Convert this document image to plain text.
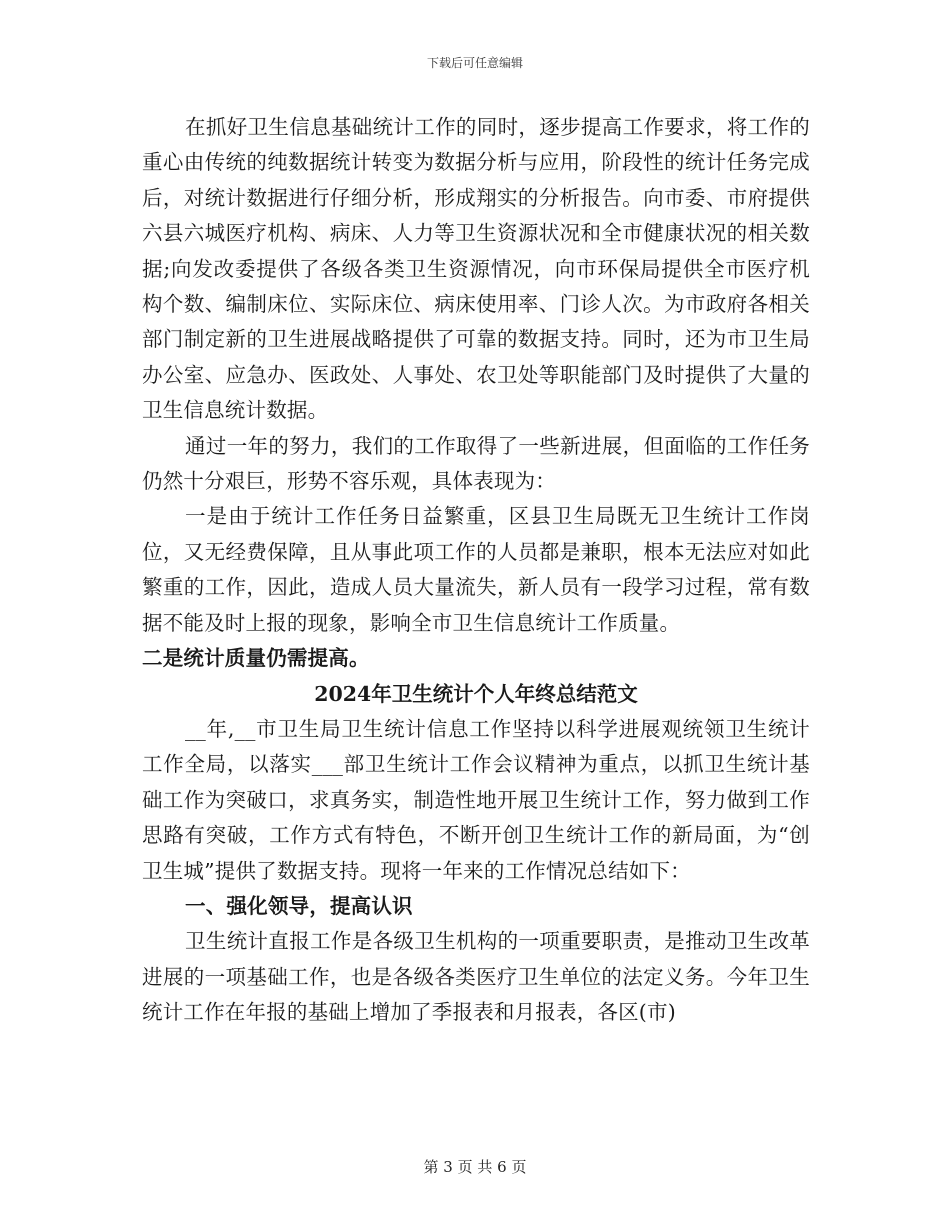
下载后可任意编辑

在抓好卫生信息基础统计工作的同时，逐步提高工作要求，将工作的重心由传统的纯数据统计转变为数据分析与应用，阶段性的统计任务完成后，对统计数据进行仔细分析，形成翔实的分析报告。向市委、市府提供六县六城医疗机构、病床、人力等卫生资源状况和全市健康状况的相关数据;向发改委提供了各级各类卫生资源情况，向市环保局提供全市医疗机构个数、编制床位、实际床位、病床使用率、门诊人次。为市政府各相关部门制定新的卫生进展战略提供了可靠的数据支持。同时，还为市卫生局办公室、应急办、医政处、人事处、农卫处等职能部门及时提供了大量的卫生信息统计数据。

通过一年的努力，我们的工作取得了一些新进展，但面临的工作任务仍然十分艰巨，形势不容乐观，具体表现为：

一是由于统计工作任务日益繁重，区县卫生局既无卫生统计工作岗位，又无经费保障，且从事此项工作的人员都是兼职，根本无法应对如此繁重的工作，因此，造成人员大量流失，新人员有一段学习过程，常有数据不能及时上报的现象，影响全市卫生信息统计工作质量。

二是统计质量仍需提高。

2024年卫生统计个人年终总结范文

__年,__市卫生局卫生统计信息工作坚持以科学进展观统领卫生统计工作全局，以落实___部卫生统计工作会议精神为重点，以抓卫生统计基础工作为突破口，求真务实，制造性地开展卫生统计工作，努力做到工作思路有突破，工作方式有特色，不断开创卫生统计工作的新局面，为“创卫生城”提供了数据支持。现将一年来的工作情况总结如下：

一、强化领导，提高认识

卫生统计直报工作是各级卫生机构的一项重要职责，是推动卫生改革进展的一项基础工作，也是各级各类医疗卫生单位的法定义务。今年卫生统计工作在年报的基础上增加了季报表和月报表，各区(市)

第 3 页 共 6 页
